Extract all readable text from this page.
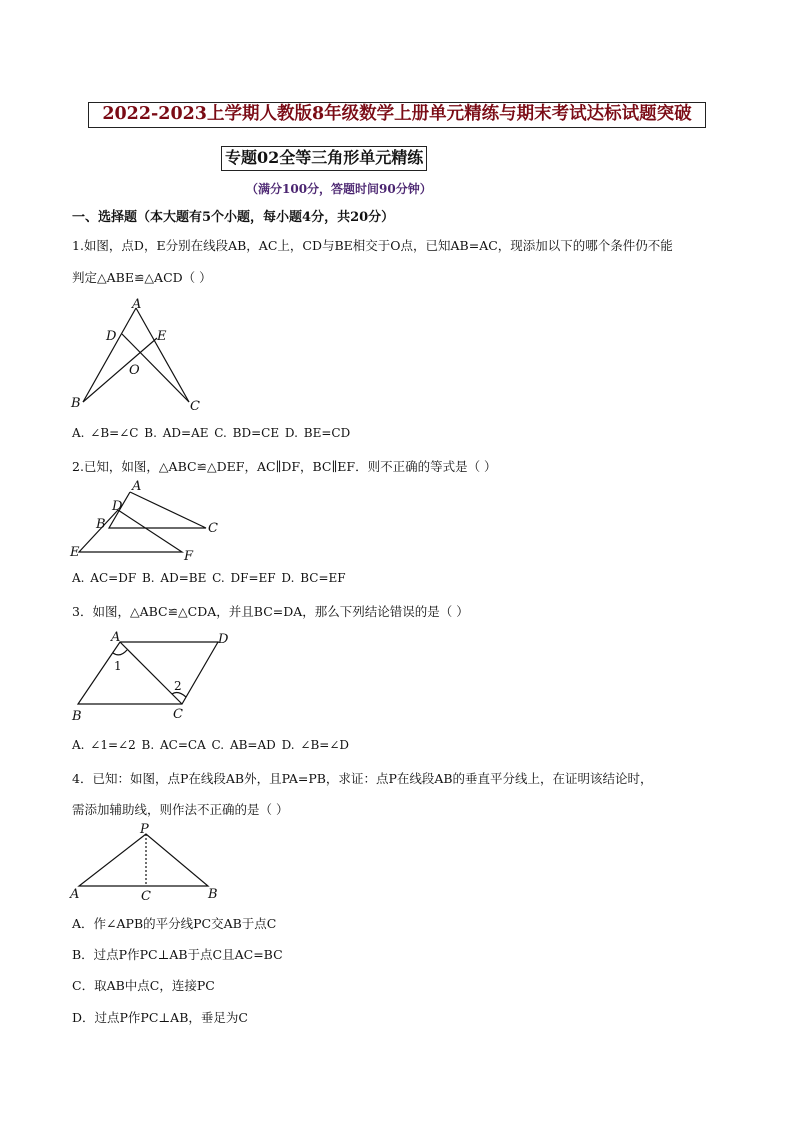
2022-2023上学期人教版8年级数学上册单元精练与期末考试达标试题突破
专题02全等三角形单元精练
（满分100分，答题时间90分钟）
一、选择题（本大题有5个小题，每小题4分，共20分）
1.如图，点D，E分别在线段AB，AC上，CD与BE相交于O点，已知AB=AC，现添加以下的哪个条件仍不能
判定△ABE≌△ACD（ ）
A
D	E
O
B	C
A. ∠B=∠C B. AD=AE C. BD=CE D. BE=CD
2.已知，如图，△ABC≌△DEF，AC∥DF，BC∥EF．则不正确的等式是（ ）
A
D
B	C
E	F
A. AC=DF B. AD=BE C. DF=EF D. BC=EF
3．如图，△ABC≌△CDA，并且BC=DA，那么下列结论错误的是（ ）
A	D
B	C
1
2
A. ∠1=∠2 B. AC=CA C. AB=AD D. ∠B=∠D
4．已知：如图，点P在线段AB外，且PA=PB，求证：点P在线段AB的垂直平分线上，在证明该结论时，
需添加辅助线，则作法不正确的是（ ）
P
A	C	B
A．作∠APB的平分线PC交AB于点C
B．过点P作PC⊥AB于点C且AC=BC
C．取AB中点C，连接PC
D．过点P作PC⊥AB，垂足为C
